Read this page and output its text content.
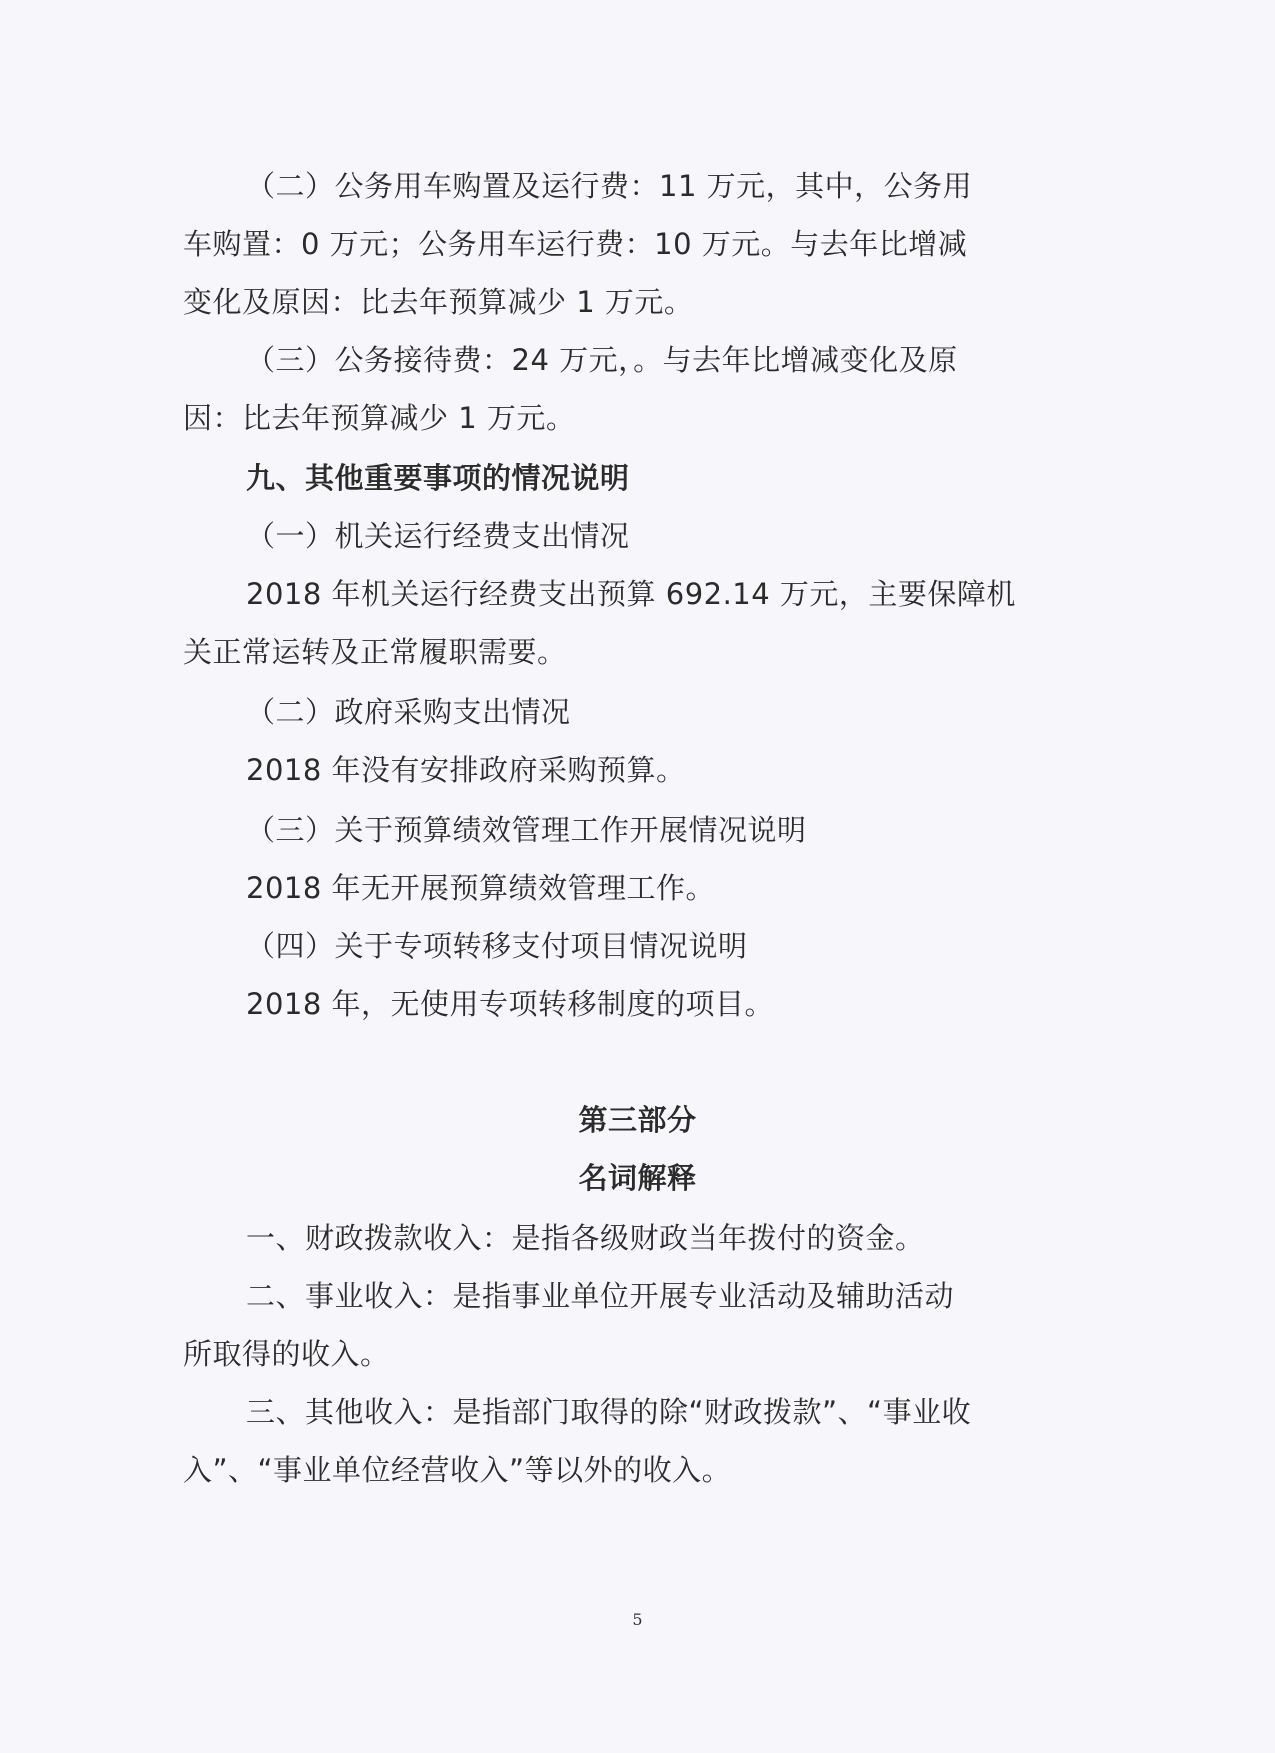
（二）公务用车购置及运行费：11 万元，其中，公务用
车购置：0 万元；公务用车运行费：10 万元。与去年比增减
变化及原因：比去年预算减少 1 万元。
（三）公务接待费：24 万元，。与去年比增减变化及原
因：比去年预算减少 1 万元。
九、其他重要事项的情况说明
（一）机关运行经费支出情况
2018 年机关运行经费支出预算 692.14 万元，主要保障机
关正常运转及正常履职需要。
（二）政府采购支出情况
2018 年没有安排政府采购预算。
（三）关于预算绩效管理工作开展情况说明
2018 年无开展预算绩效管理工作。
（四）关于专项转移支付项目情况说明
2018 年，无使用专项转移制度的项目。
第三部分
名词解释
一、财政拨款收入：是指各级财政当年拨付的资金。
二、事业收入：是指事业单位开展专业活动及辅助活动
所取得的收入。
三、其他收入：是指部门取得的除“财政拨款”、“事业收
入”、“事业单位经营收入”等以外的收入。
5
